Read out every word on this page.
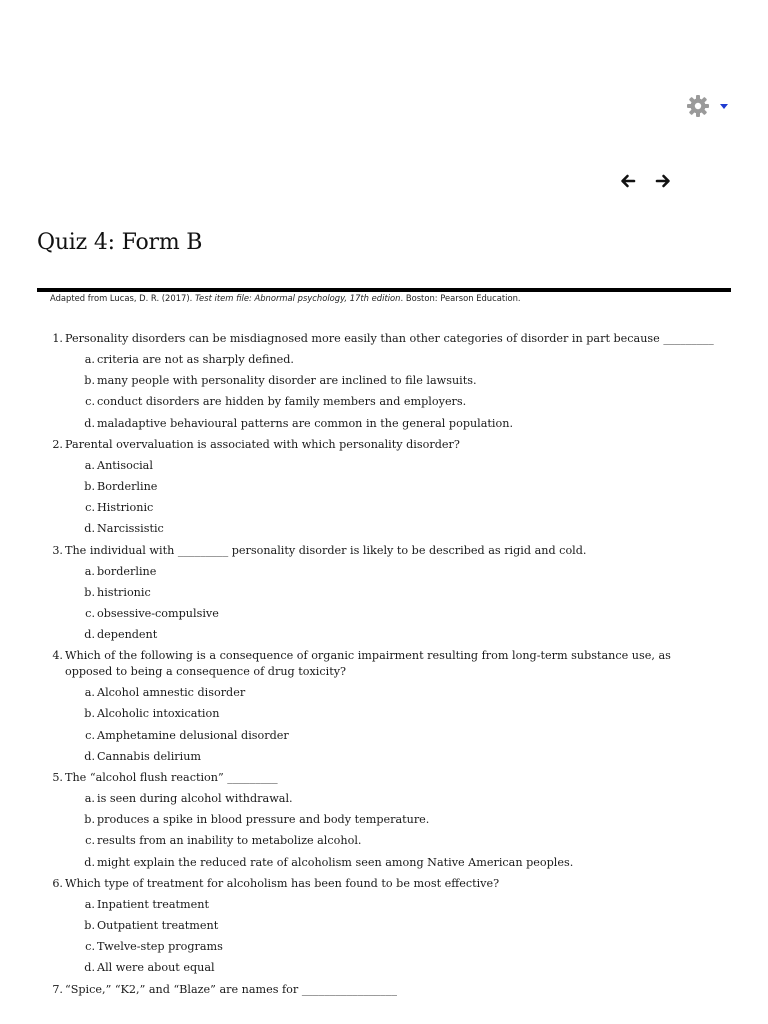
Quiz 4: Form B
Adapted from Lucas, D. R. (2017). Test item file: Abnormal psychology, 17th edition. Boston: Pearson Education.
1. Personality disorders can be misdiagnosed more easily than other categories of disorder in part because _________
a. criteria are not as sharply defined.
b. many people with personality disorder are inclined to file lawsuits.
c. conduct disorders are hidden by family members and employers.
d. maladaptive behavioural patterns are common in the general population.
2. Parental overvaluation is associated with which personality disorder?
a. Antisocial
b. Borderline
c. Histrionic
d. Narcissistic
3. The individual with _________ personality disorder is likely to be described as rigid and cold.
a. borderline
b. histrionic
c. obsessive-compulsive
d. dependent
4. Which of the following is a consequence of organic impairment resulting from long-term substance use, as opposed to being a consequence of drug toxicity?
a. Alcohol amnestic disorder
b. Alcoholic intoxication
c. Amphetamine delusional disorder
d. Cannabis delirium
5. The “alcohol flush reaction” _________
a. is seen during alcohol withdrawal.
b. produces a spike in blood pressure and body temperature.
c. results from an inability to metabolize alcohol.
d. might explain the reduced rate of alcoholism seen among Native American peoples.
6. Which type of treatment for alcoholism has been found to be most effective?
a. Inpatient treatment
b. Outpatient treatment
c. Twelve-step programs
d. All were about equal
7. “Spice,” “K2,” and “Blaze” are names for _________________
